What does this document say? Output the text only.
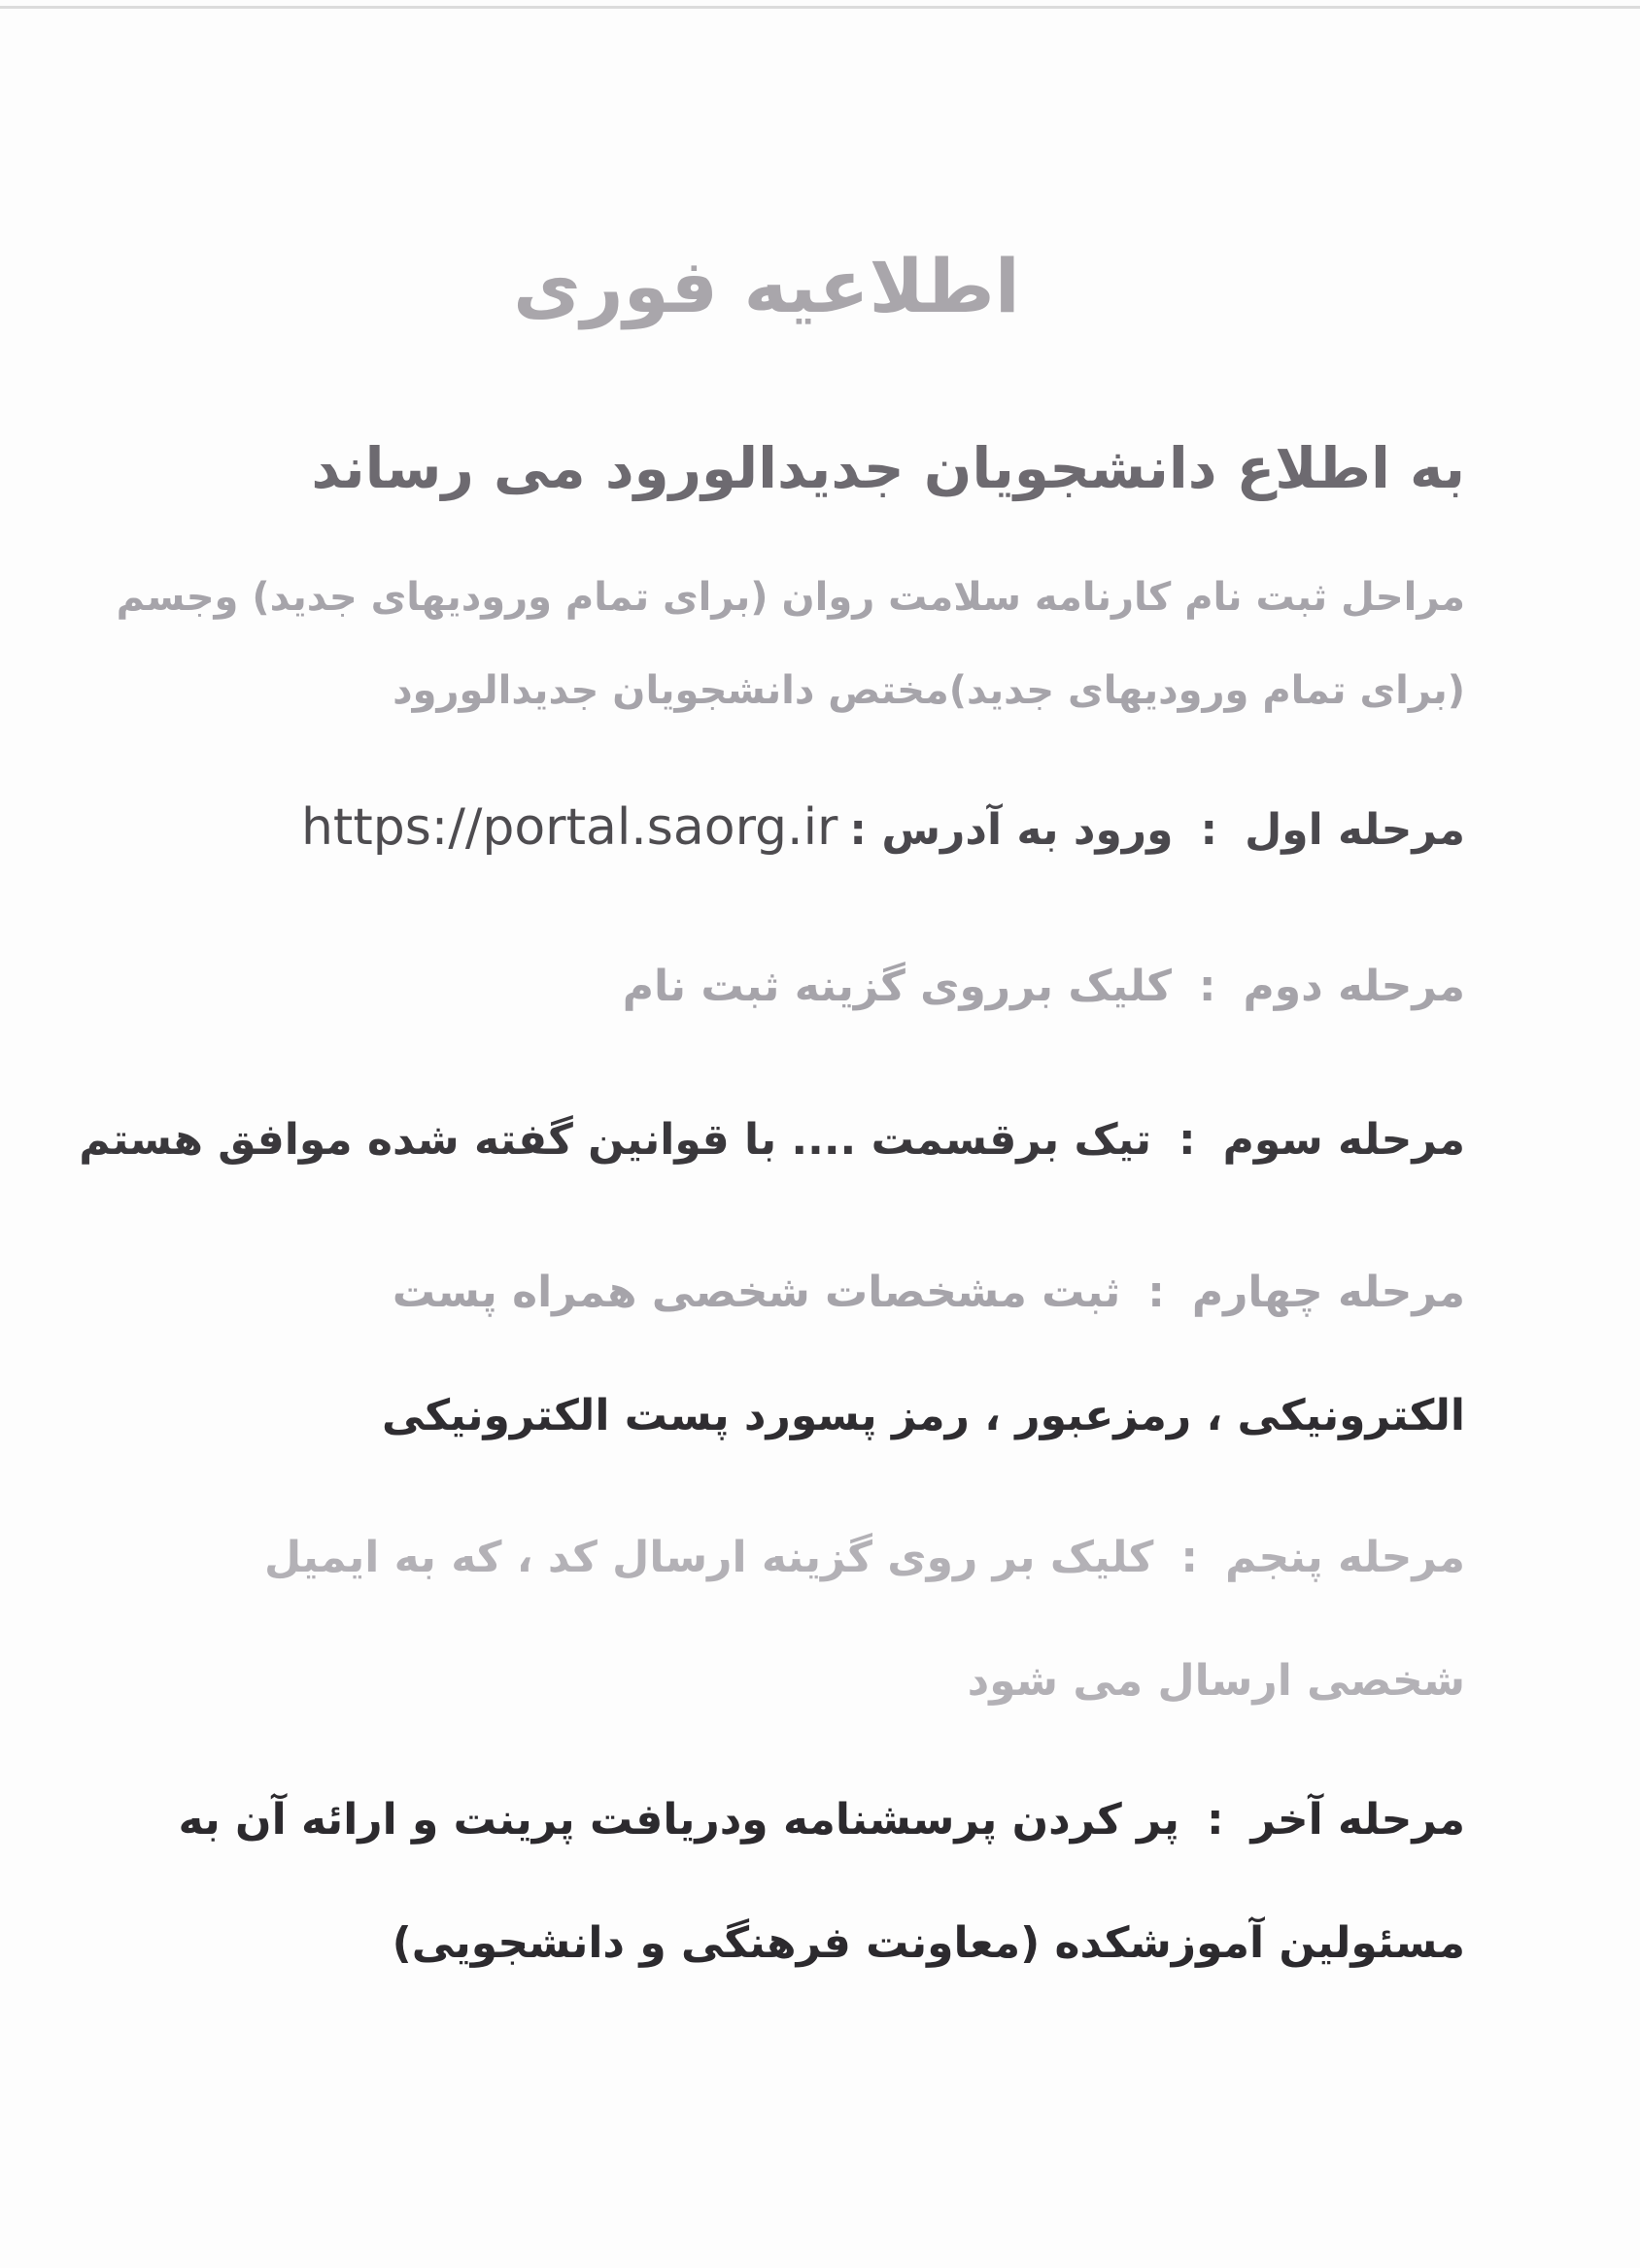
اطلاعیه فوری
به اطلاع دانشجویان جدیدالورود می رساند
مراحل ثبت نام کارنامه سلامت روان (برای تمام ورودیهای جدید) وجسم
(برای تمام ورودیهای جدید)مختص دانشجویان جدیدالورود
مرحله اول:ورود به آدرس :https://portal.saorg.ir
مرحله دوم:کلیک برروی گزینه ثبت نام
مرحله سوم:تیک برقسمت .... با قوانین گفته شده موافق هستم
مرحله چهارم:ثبت مشخصات شخصی همراه پست
الکترونیکی ، رمزعبور ، رمز پسورد پست الکترونیکی
مرحله پنجم:کلیک بر روی گزینه ارسال کد ، که به ایمیل
شخصی ارسال می شود
مرحله آخر:پر کردن پرسشنامه ودریافت پرینت و ارائه آن به
مسئولین آموزشکده (معاونت فرهنگی و دانشجویی)
